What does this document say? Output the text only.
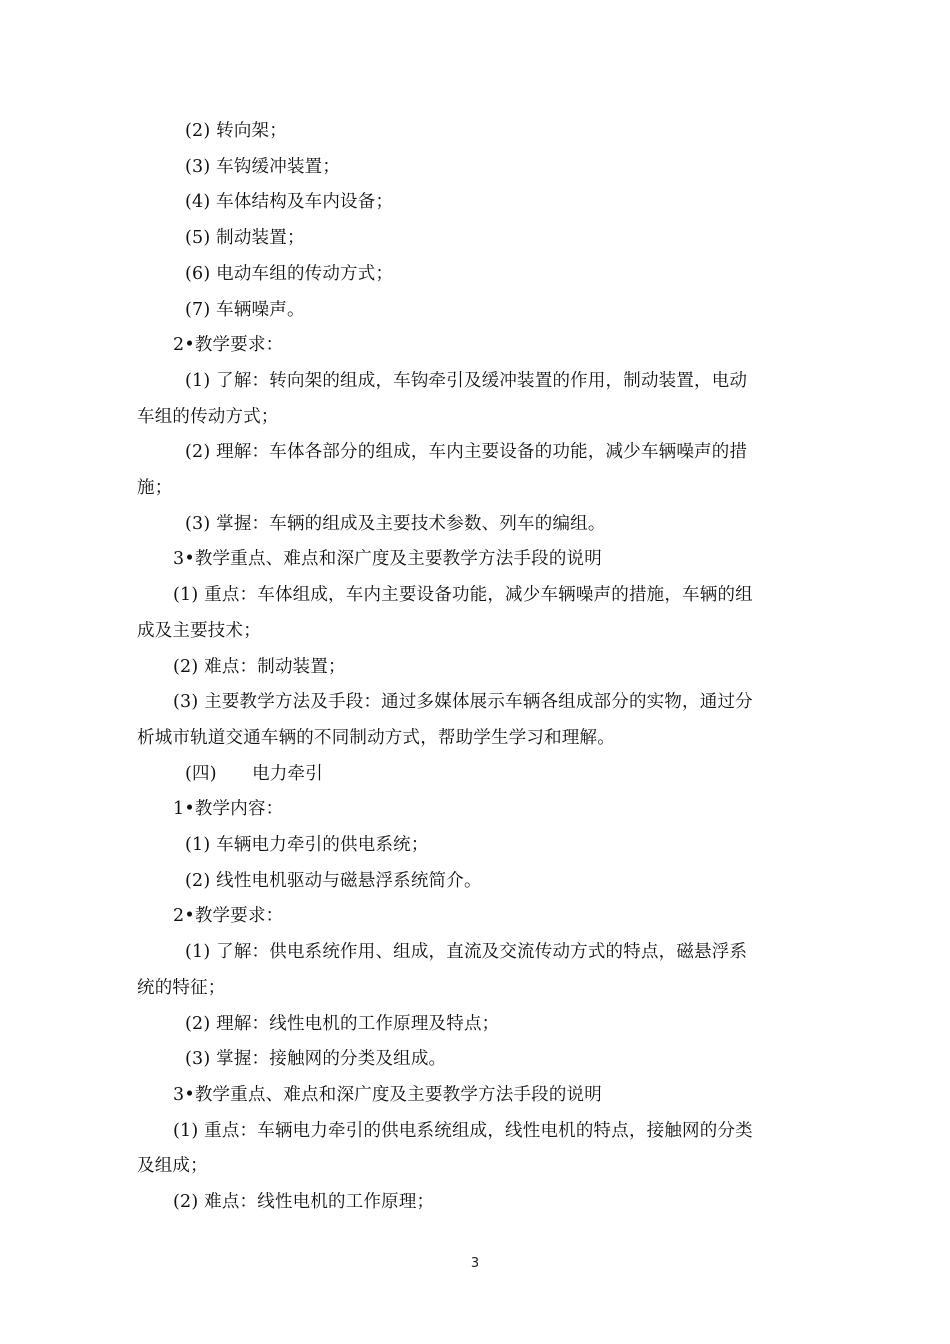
(2) 转向架；
(3) 车钩缓冲装置；
(4) 车体结构及车内设备；
(5) 制动装置；
(6) 电动车组的传动方式；
(7) 车辆噪声。
2•教学要求：
(1) 了解：转向架的组成，车钩牵引及缓冲装置的作用，制动装置，电动
车组的传动方式；
(2) 理解：车体各部分的组成，车内主要设备的功能，减少车辆噪声的措
施；
(3) 掌握：车辆的组成及主要技术参数、列车的编组。
3•教学重点、难点和深广度及主要教学方法手段的说明
(1) 重点：车体组成，车内主要设备功能，减少车辆噪声的措施，车辆的组
成及主要技术；
(2) 难点：制动装置；
(3) 主要教学方法及手段：通过多媒体展示车辆各组成部分的实物，通过分
析城市轨道交通车辆的不同制动方式，帮助学生学习和理解。
(四)　　电力牵引
1•教学内容：
(1) 车辆电力牵引的供电系统；
(2) 线性电机驱动与磁悬浮系统简介。
2•教学要求：
(1) 了解：供电系统作用、组成，直流及交流传动方式的特点，磁悬浮系
统的特征；
(2) 理解：线性电机的工作原理及特点；
(3) 掌握：接触网的分类及组成。
3•教学重点、难点和深广度及主要教学方法手段的说明
(1) 重点：车辆电力牵引的供电系统组成，线性电机的特点，接触网的分类
及组成；
(2) 难点：线性电机的工作原理；
3
